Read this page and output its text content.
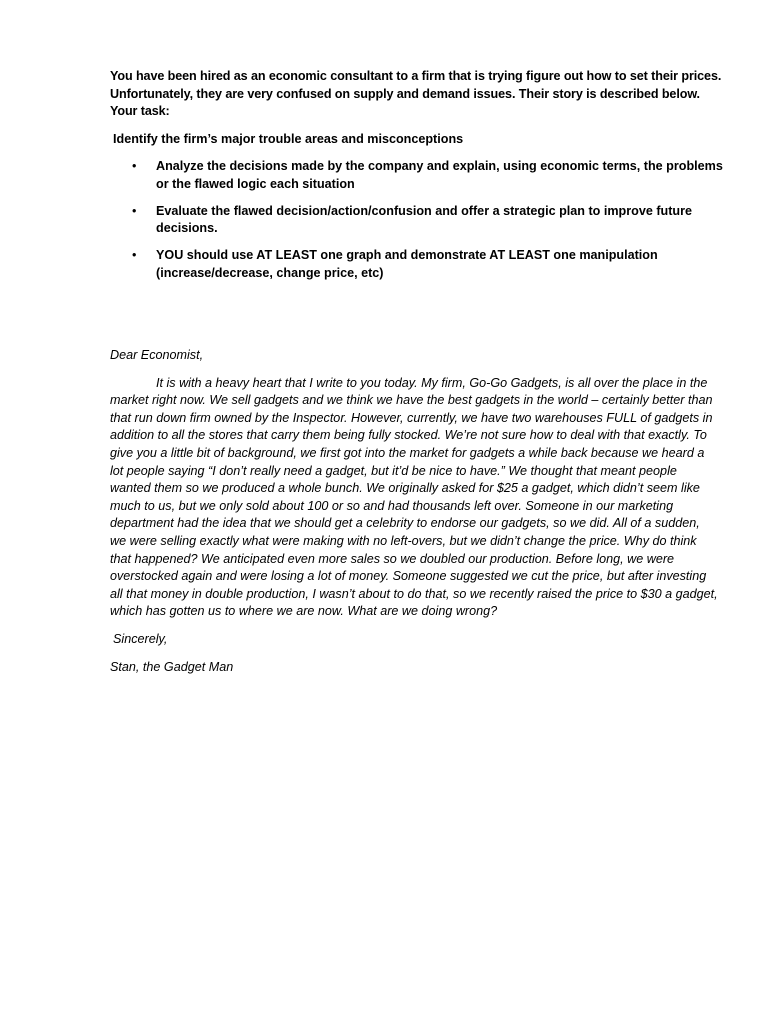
You have been hired as an economic consultant to a firm that is trying figure out how to set their prices. Unfortunately, they are very confused on supply and demand issues. Their story is described below. Your task:

Identify the firm’s major trouble areas and misconceptions
• Analyze the decisions made by the company and explain, using economic terms, the problems or the flawed logic each situation
• Evaluate the flawed decision/action/confusion and offer a strategic plan to improve future decisions.
• YOU should use AT LEAST one graph and demonstrate AT LEAST one manipulation (increase/decrease, change price, etc)

Dear Economist,

It is with a heavy heart that I write to you today. My firm, Go-Go Gadgets, is all over the place in the market right now. We sell gadgets and we think we have the best gadgets in the world – certainly better than that run down firm owned by the Inspector. However, currently, we have two warehouses FULL of gadgets in addition to all the stores that carry them being fully stocked. We’re not sure how to deal with that exactly. To give you a little bit of background, we first got into the market for gadgets a while back because we heard a lot people saying “I don’t really need a gadget, but it’d be nice to have.” We thought that meant people wanted them so we produced a whole bunch. We originally asked for $25 a gadget, which didn’t seem like much to us, but we only sold about 100 or so and had thousands left over. Someone in our marketing department had the idea that we should get a celebrity to endorse our gadgets, so we did. All of a sudden, we were selling exactly what were making with no left-overs, but we didn’t change the price. Why do think that happened? We anticipated even more sales so we doubled our production. Before long, we were overstocked again and were losing a lot of money. Someone suggested we cut the price, but after investing all that money in double production, I wasn’t about to do that, so we recently raised the price to $30 a gadget, which has gotten us to where we are now. What are we doing wrong?

Sincerely,

Stan, the Gadget Man
